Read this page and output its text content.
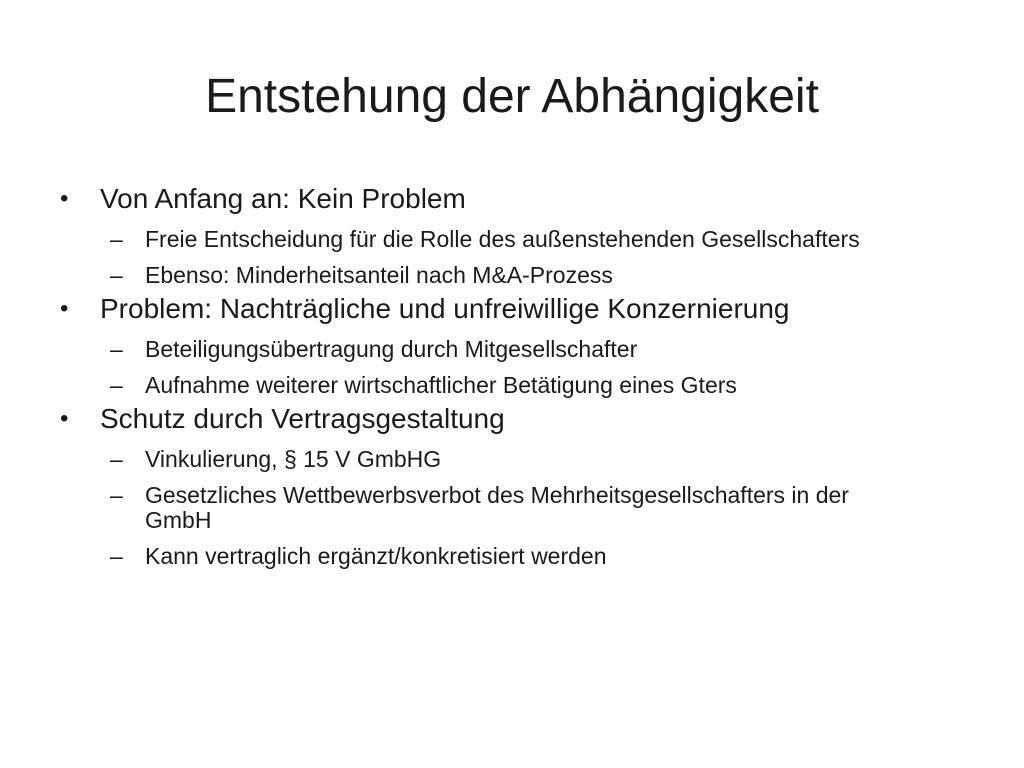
Entstehung der Abhängigkeit
•	Von Anfang an: Kein Problem
– Freie Entscheidung für die Rolle des außenstehenden Gesellschafters
– Ebenso: Minderheitsanteil nach M&A-Prozess
•	Problem: Nachträgliche und unfreiwillige Konzernierung
– Beteiligungsübertragung durch Mitgesellschafter
– Aufnahme weiterer wirtschaftlicher Betätigung eines Gters
•	Schutz durch Vertragsgestaltung
– Vinkulierung, § 15 V GmbHG
– Gesetzliches Wettbewerbsverbot des Mehrheitsgesellschafters in der GmbH
– Kann vertraglich ergänzt/konkretisiert werden
